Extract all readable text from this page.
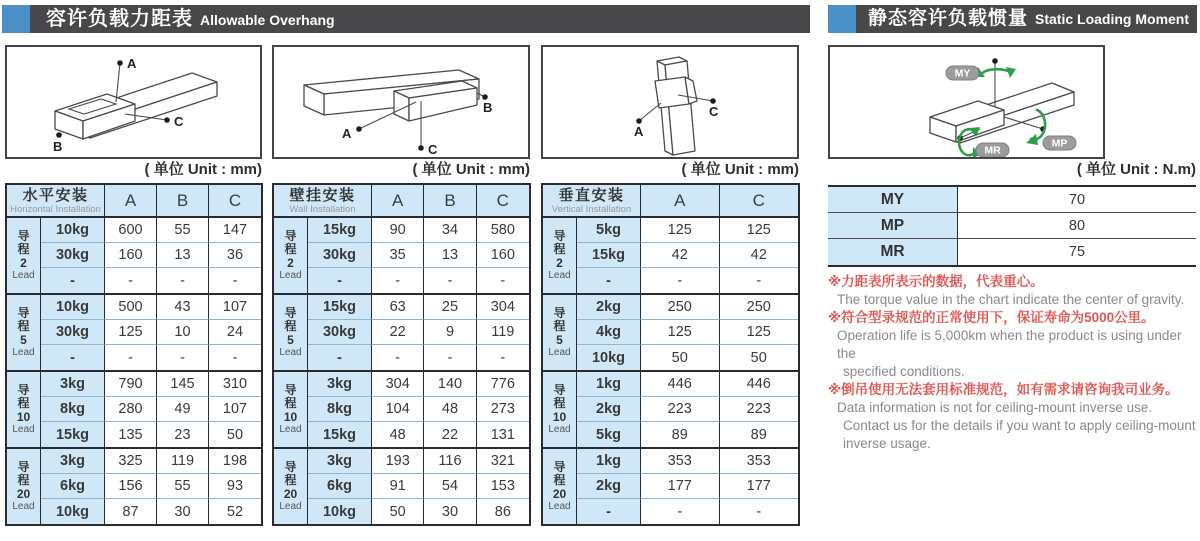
容许负载力距表 Allowable Overhang	静态容许负载惯量 Static Loading Moment
A
B
C
A
C
B
A
C
MY
MP
MR
( 单位 Unit : mm)	( 单位 Unit : mm)	( 单位 Unit : mm)	( 单位 Unit : N.m)
水平安装
Horizontal Installation	A	B	C
导
程
2
Lead
10kg	600	55	147
30kg	160	13	36
-	-	-	-
导
程
5
Lead
10kg	500	43	107
30kg	125	10	24
-	-	-	-
导
程
10
Lead
3kg	790	145	310
8kg	280	49	107
15kg	135	23	50
导
程
20
Lead
3kg	325	119	198
6kg	156	55	93
10kg	87	30	52
壁挂安装
Wall Installation	A	B	C
导
程
2
Lead
15kg	90	34	580
30kg	35	13	160
-	-	-	-
导
程
5
Lead
15kg	63	25	304
30kg	22	9	119
-	-	-	-
导
程
10
Lead
3kg	304	140	776
8kg	104	48	273
15kg	48	22	131
导
程
20
Lead
3kg	193	116	321
6kg	91	54	153
10kg	50	30	86
垂直安装
Vertical Installation	A	C
导
程
2
Lead
5kg	125	125
15kg	42	42
-	-	-
导
程
5
Lead
2kg	250	250
4kg	125	125
10kg	50	50
导
程
10
Lead
1kg	446	446
2kg	223	223
5kg	89	89
导
程
20
Lead
1kg	353	353
2kg	177	177
-	-	-
MY	70
MP	80
MR	75
※力距表所表示的数据，代表重心。
The torque value in the chart indicate the center of gravity.
※符合型录规范的正常使用下，保证寿命为5000公里。
Operation life is 5,000km when the product is using under the
specified conditions.
※倒吊使用无法套用标准规范，如有需求请咨询我司业务。
Data information is not for ceiling-mount inverse use.
Contact us for the details if you want to apply ceiling-mount
inverse usage.
